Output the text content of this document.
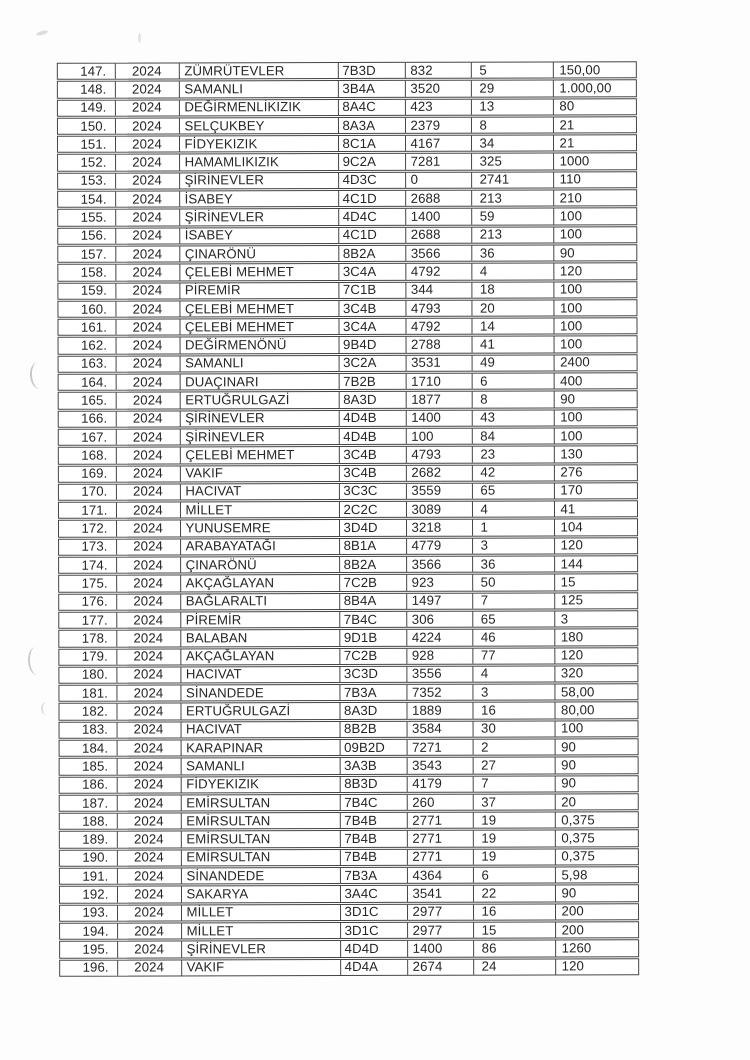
147.	2024	ZÜMRÜTEVLER	7B3D	832	5	150,00
148.	2024	SAMANLI	3B4A	3520	29	1.000,00
149.	2024	DEĞİRMENLİKIZIK	8A4C	423	13	80
150.	2024	SELÇUKBEY	8A3A	2379	8	21
151.	2024	FİDYEKIZIK	8C1A	4167	34	21
152.	2024	HAMAMLIKIZIK	9C2A	7281	325	1000
153.	2024	ŞİRİNEVLER	4D3C	0	2741	110
154.	2024	İSABEY	4C1D	2688	213	210
155.	2024	ŞİRİNEVLER	4D4C	1400	59	100
156.	2024	İSABEY	4C1D	2688	213	100
157.	2024	ÇINARÖNÜ	8B2A	3566	36	90
158.	2024	ÇELEBİ MEHMET	3C4A	4792	4	120
159.	2024	PİREMİR	7C1B	344	18	100
160.	2024	ÇELEBİ MEHMET	3C4B	4793	20	100
161.	2024	ÇELEBİ MEHMET	3C4A	4792	14	100
162.	2024	DEĞİRMENÖNÜ	9B4D	2788	41	100
163.	2024	SAMANLI	3C2A	3531	49	2400
164.	2024	DUAÇINARI	7B2B	1710	6	400
165.	2024	ERTUĞRULGAZİ	8A3D	1877	8	90
166.	2024	ŞİRİNEVLER	4D4B	1400	43	100
167.	2024	ŞİRİNEVLER	4D4B	100	84	100
168.	2024	ÇELEBİ MEHMET	3C4B	4793	23	130
169.	2024	VAKIF	3C4B	2682	42	276
170.	2024	HACIVAT	3C3C	3559	65	170
171.	2024	MİLLET	2C2C	3089	4	41
172.	2024	YUNUSEMRE	3D4D	3218	1	104
173.	2024	ARABAYATAĞI	8B1A	4779	3	120
174.	2024	ÇINARÖNÜ	8B2A	3566	36	144
175.	2024	AKÇAĞLAYAN	7C2B	923	50	15
176.	2024	BAĞLARALTI	8B4A	1497	7	125
177.	2024	PİREMİR	7B4C	306	65	3
178.	2024	BALABAN	9D1B	4224	46	180
179.	2024	AKÇAĞLAYAN	7C2B	928	77	120
180.	2024	HACIVAT	3C3D	3556	4	320
181.	2024	SİNANDEDE	7B3A	7352	3	58,00
182.	2024	ERTUĞRULGAZİ	8A3D	1889	16	80,00
183.	2024	HACIVAT	8B2B	3584	30	100
184.	2024	KARAPINAR	09B2D	7271	2	90
185.	2024	SAMANLI	3A3B	3543	27	90
186.	2024	FİDYEKIZIK	8B3D	4179	7	90
187.	2024	EMİRSULTAN	7B4C	260	37	20
188.	2024	EMİRSULTAN	7B4B	2771	19	0,375
189.	2024	EMİRSULTAN	7B4B	2771	19	0,375
190.	2024	EMİRSULTAN	7B4B	2771	19	0,375
191.	2024	SİNANDEDE	7B3A	4364	6	5,98
192.	2024	SAKARYA	3A4C	3541	22	90
193.	2024	MİLLET	3D1C	2977	16	200
194.	2024	MİLLET	3D1C	2977	15	200
195.	2024	ŞİRİNEVLER	4D4D	1400	86	1260
196.	2024	VAKIF	4D4A	2674	24	120
